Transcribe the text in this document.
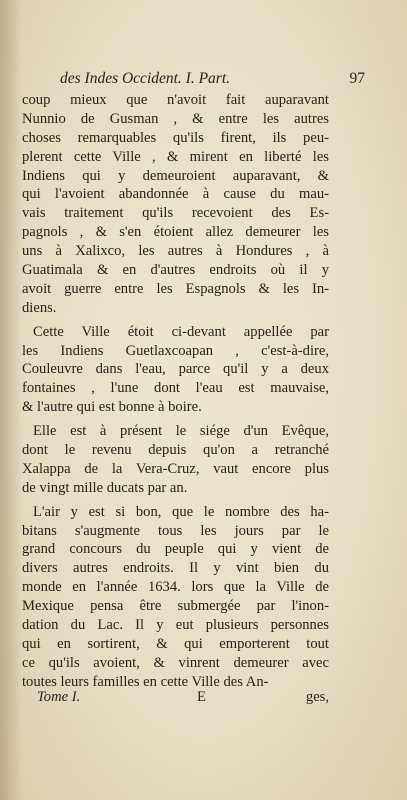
des Indes Occident. I. Part.	97
coup mieux que n'avoit fait auparavant
Nunnio de Gusman , & entre les autres
choses remarquables qu'ils firent, ils peu-
plerent cette Ville , & mirent en liberté les
Indiens qui y demeuroient auparavant, &
qui l'avoient abandonnée à cause du mau-
vais traitement qu'ils recevoient des Es-
pagnols , & s'en étoient allez demeurer les
uns à Xalixco, les autres à Hondures , à
Guatimala & en d'autres endroits où il y
avoit guerre entre les Espagnols & les In-
diens.
Cette Ville étoit ci-devant appellée par
les Indiens Guetlaxcoapan , c'est-à-dire,
Couleuvre dans l'eau, parce qu'il y a deux
fontaines , l'une dont l'eau est mauvaise,
& l'autre qui est bonne à boire.
Elle est à présent le siége d'un Evêque,
dont le revenu depuis qu'on a retranché
Xalappa de la Vera-Cruz, vaut encore plus
de vingt mille ducats par an.
L'air y est si bon, que le nombre des ha-
bitans s'augmente tous les jours par le
grand concours du peuple qui y vient de
divers autres endroits. Il y vint bien du
monde en l'année 1634. lors que la Ville de
Mexique pensa être submergée par l'inon-
dation du Lac. Il y eut plusieurs personnes
qui en sortirent, & qui emporterent tout
ce qu'ils avoient, & vinrent demeurer avec
toutes leurs familles en cette Ville des An-
Tome I.	E	ges,
